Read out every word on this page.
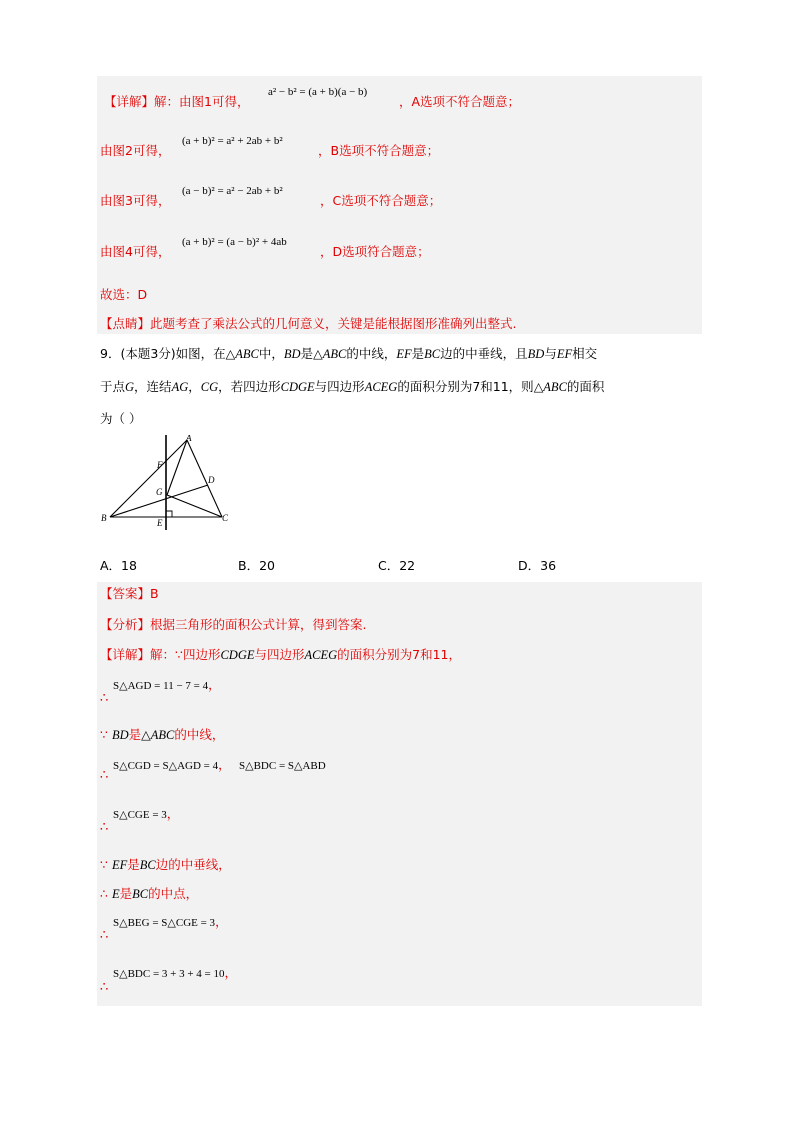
【详解】解：由图1可得，
a² − b² = (a + b)(a − b)
，A选项不符合题意；
由图2可得，
(a + b)² = a² + 2ab + b²
，B选项不符合题意；
由图3可得，
(a − b)² = a² − 2ab + b²
，C选项不符合题意；
由图4可得，
(a + b)² = (a − b)² + 4ab
，D选项符合题意；
故选：D
【点睛】此题考查了乘法公式的几何意义，关键是能根据图形准确列出整式.
9．(本题3分)如图，在△ABC中，BD是△ABC的中线，EF是BC边的中垂线，且BD与EF相交
于点G，连结AG，CG，若四边形CDGE与四边形ACEG的面积分别为7和11，则△ABC的面积
为（ ）
A
B	C
D
E
F
G
A．18	B．20	C．22	D．36
【答案】B
【分析】根据三角形的面积公式计算，得到答案.
【详解】解：∵四边形CDGE与四边形ACEG的面积分别为7和11，
S△AGD = 11 − 7 = 4，
∴
∵ BD是△ABC的中线，
S△CGD = S△AGD = 4， S△BDC = S△ABD
∴
S△CGE = 3，
∴
∵ EF是BC边的中垂线，
∴ E是BC的中点，
S△BEG = S△CGE = 3，
∴
S△BDC = 3 + 3 + 4 = 10，
∴
